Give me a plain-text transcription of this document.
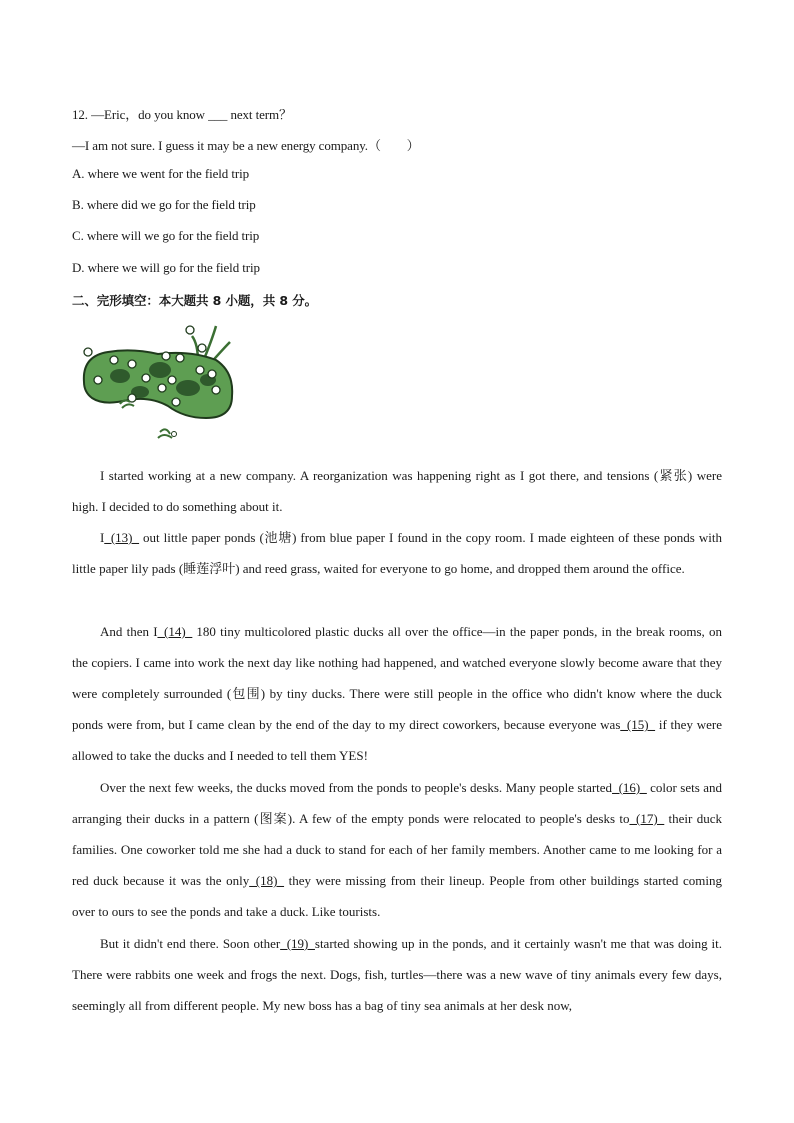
12. —Eric，do you know ___ next term？
—I am not sure. I guess it may be a new energy company.（　　）
A. where we went for the field trip
B. where did we go for the field trip
C. where will we go for the field trip
D. where we will go for the field trip
二、完形填空：本大题共 8 小题，共 8 分。
I started working at a new company. A reorganization was happening right as I got there, and tensions (紧张) were high. I decided to do something about it.
I_(13)_ out little paper ponds (池塘) from blue paper I found in the copy room. I made eighteen of these ponds with little paper lily pads (睡莲浮叶) and reed grass, waited for everyone to go home, and dropped them around the office.
And then I_(14)_ 180 tiny multicolored plastic ducks all over the office—in the paper ponds, in the break rooms, on the copiers. I came into work the next day like nothing had happened, and watched everyone slowly become aware that they were completely surrounded (包围) by tiny ducks. There were still people in the office who didn't know where the duck ponds were from, but I came clean by the end of the day to my direct coworkers, because everyone was_(15)_ if they were allowed to take the ducks and I needed to tell them YES!
Over the next few weeks, the ducks moved from the ponds to people's desks. Many people started_(16)_ color sets and arranging their ducks in a pattern (图案). A few of the empty ponds were relocated to people's desks to_(17)_ their duck families. One coworker told me she had a duck to stand for each of her family members. Another came to me looking for a red duck because it was the only_(18)_ they were missing from their lineup. People from other buildings started coming over to ours to see the ponds and take a duck. Like tourists.
But it didn't end there. Soon other_(19)_started showing up in the ponds, and it certainly wasn't me that was doing it. There were rabbits one week and frogs the next. Dogs, fish, turtles—there was a new wave of tiny animals every few days, seemingly all from different people. My new boss has a bag of tiny sea animals at her desk now,
